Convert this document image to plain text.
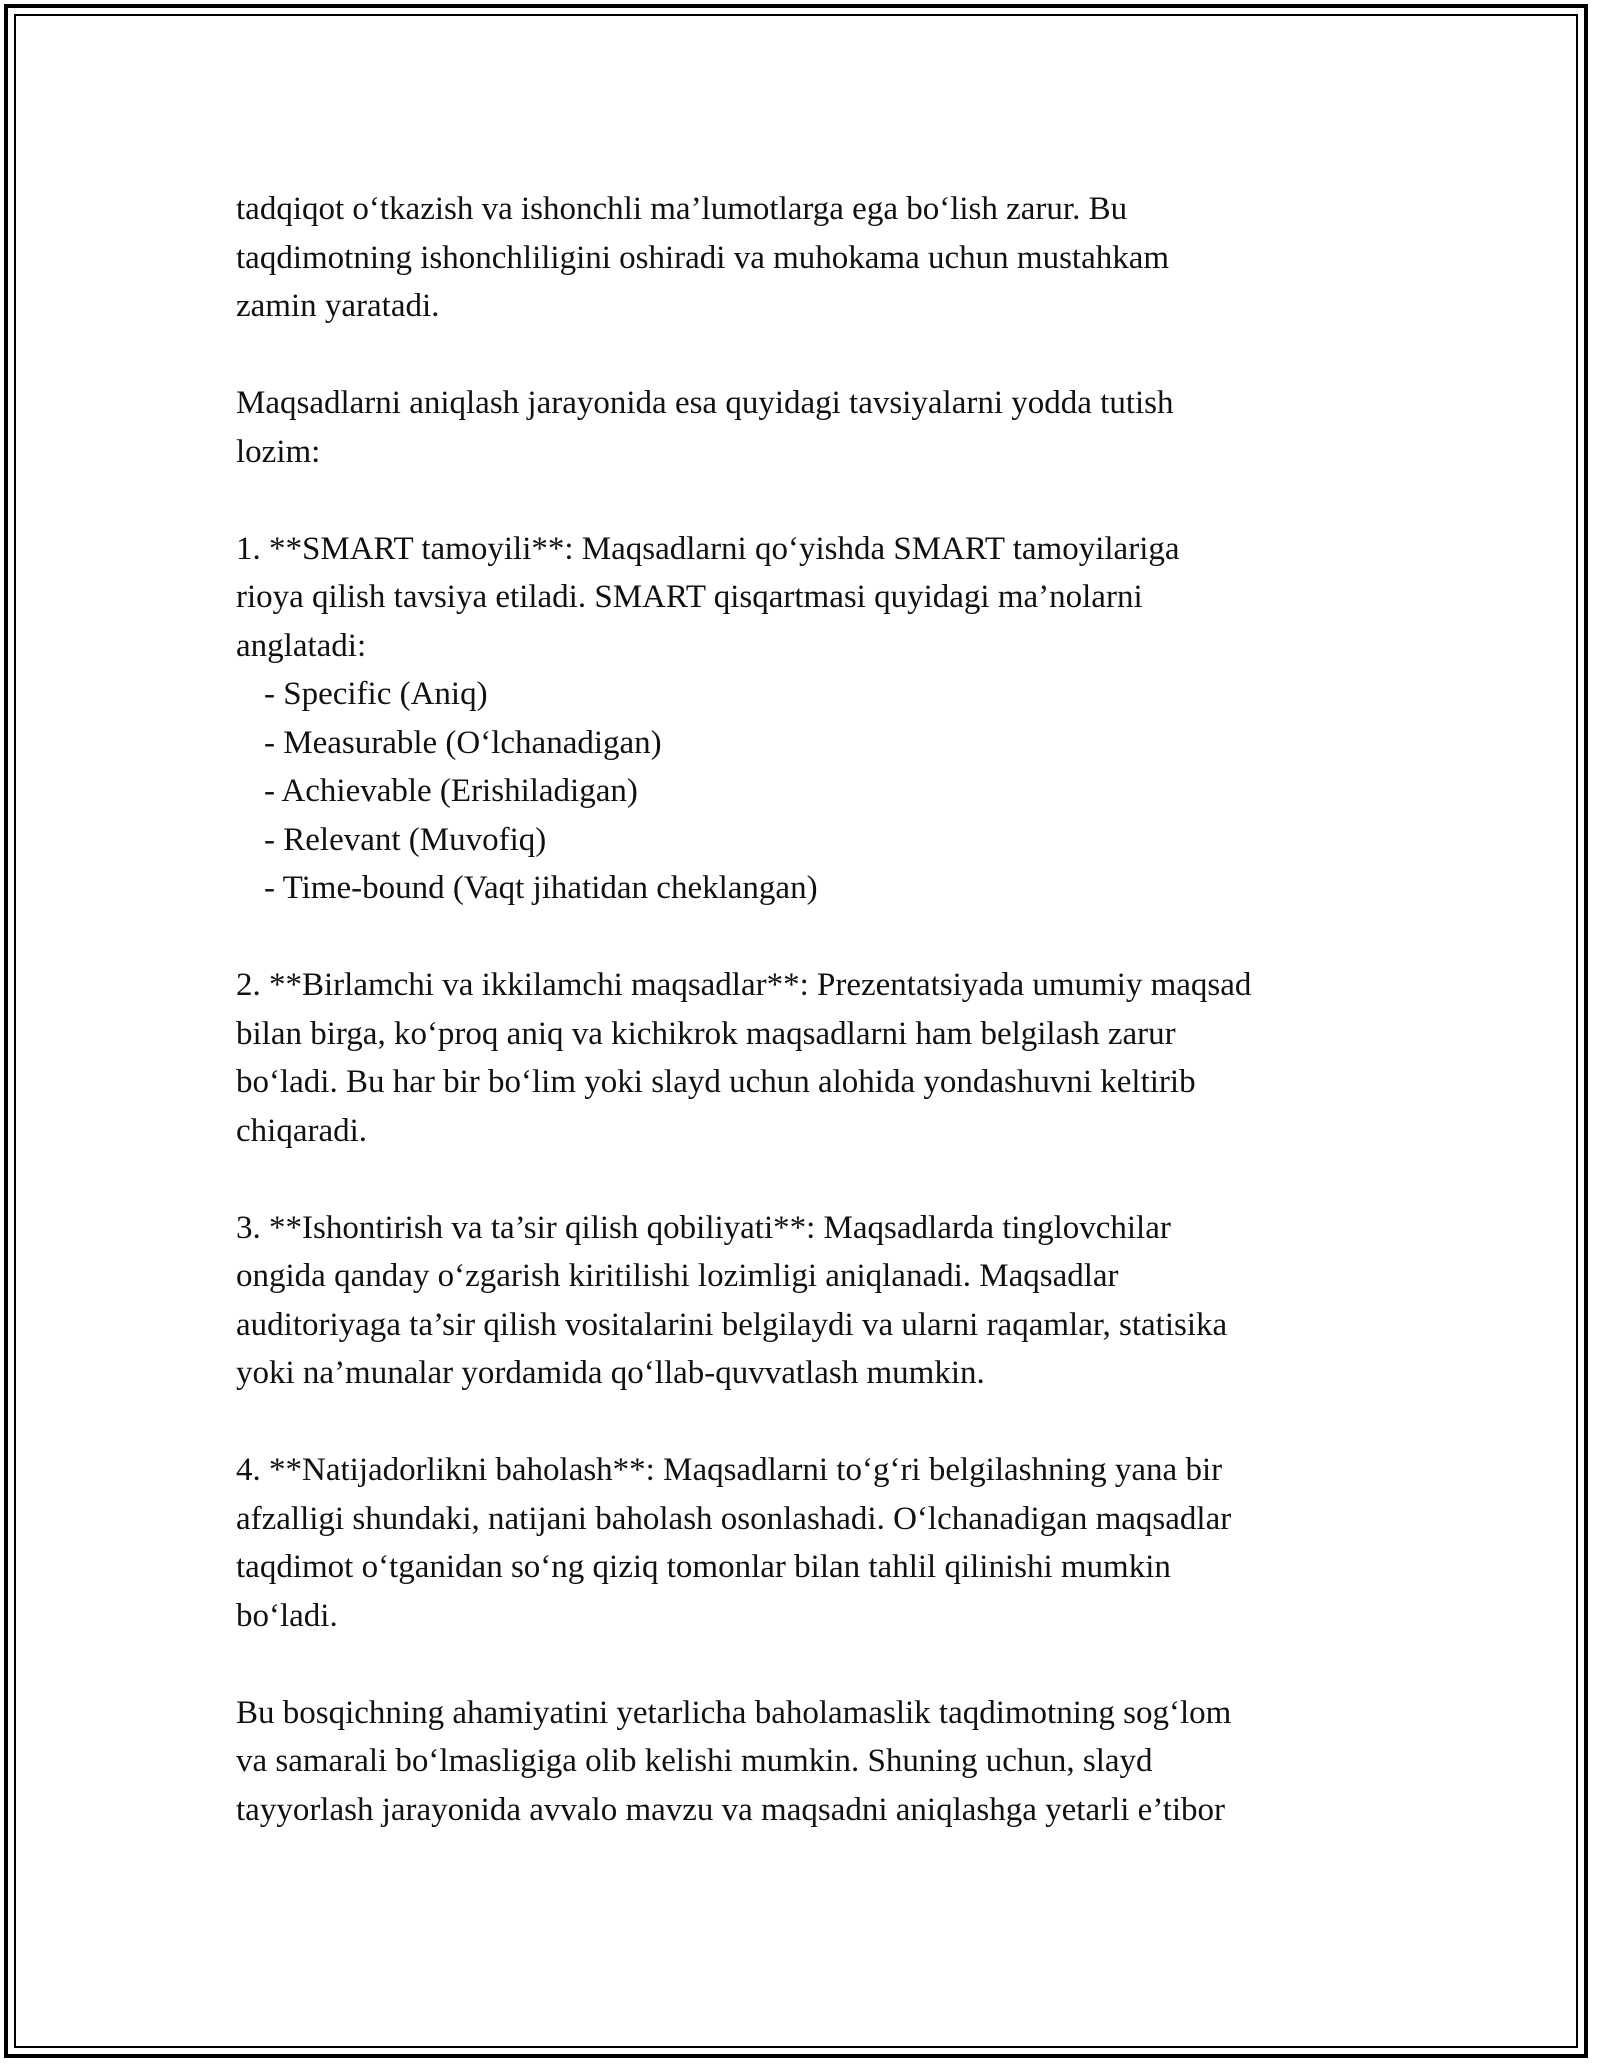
tadqiqot o‘tkazish va ishonchli ma’lumotlarga ega bo‘lish zarur. Bu
taqdimotning ishonchliligini oshiradi va muhokama uchun mustahkam
zamin yaratadi.
Maqsadlarni aniqlash jarayonida esa quyidagi tavsiyalarni yodda tutish
lozim:
1. **SMART tamoyili**: Maqsadlarni qo‘yishda SMART tamoyilariga
rioya qilish tavsiya etiladi. SMART qisqartmasi quyidagi ma’nolarni
anglatadi:
- Specific (Aniq)
- Measurable (O‘lchanadigan)
- Achievable (Erishiladigan)
- Relevant (Muvofiq)
- Time-bound (Vaqt jihatidan cheklangan)
2. **Birlamchi va ikkilamchi maqsadlar**: Prezentatsiyada umumiy maqsad
bilan birga, ko‘proq aniq va kichikrok maqsadlarni ham belgilash zarur
bo‘ladi. Bu har bir bo‘lim yoki slayd uchun alohida yondashuvni keltirib
chiqaradi.
3. **Ishontirish va ta’sir qilish qobiliyati**: Maqsadlarda tinglovchilar
ongida qanday o‘zgarish kiritilishi lozimligi aniqlanadi. Maqsadlar
auditoriyaga ta’sir qilish vositalarini belgilaydi va ularni raqamlar, statisika
yoki na’munalar yordamida qo‘llab-quvvatlash mumkin.
4. **Natijadorlikni baholash**: Maqsadlarni to‘g‘ri belgilashning yana bir
afzalligi shundaki, natijani baholash osonlashadi. O‘lchanadigan maqsadlar
taqdimot o‘tganidan so‘ng qiziq tomonlar bilan tahlil qilinishi mumkin
bo‘ladi.
Bu bosqichning ahamiyatini yetarlicha baholamaslik taqdimotning sog‘lom
va samarali bo‘lmasligiga olib kelishi mumkin. Shuning uchun, slayd
tayyorlash jarayonida avvalo mavzu va maqsadni aniqlashga yetarli e’tibor
